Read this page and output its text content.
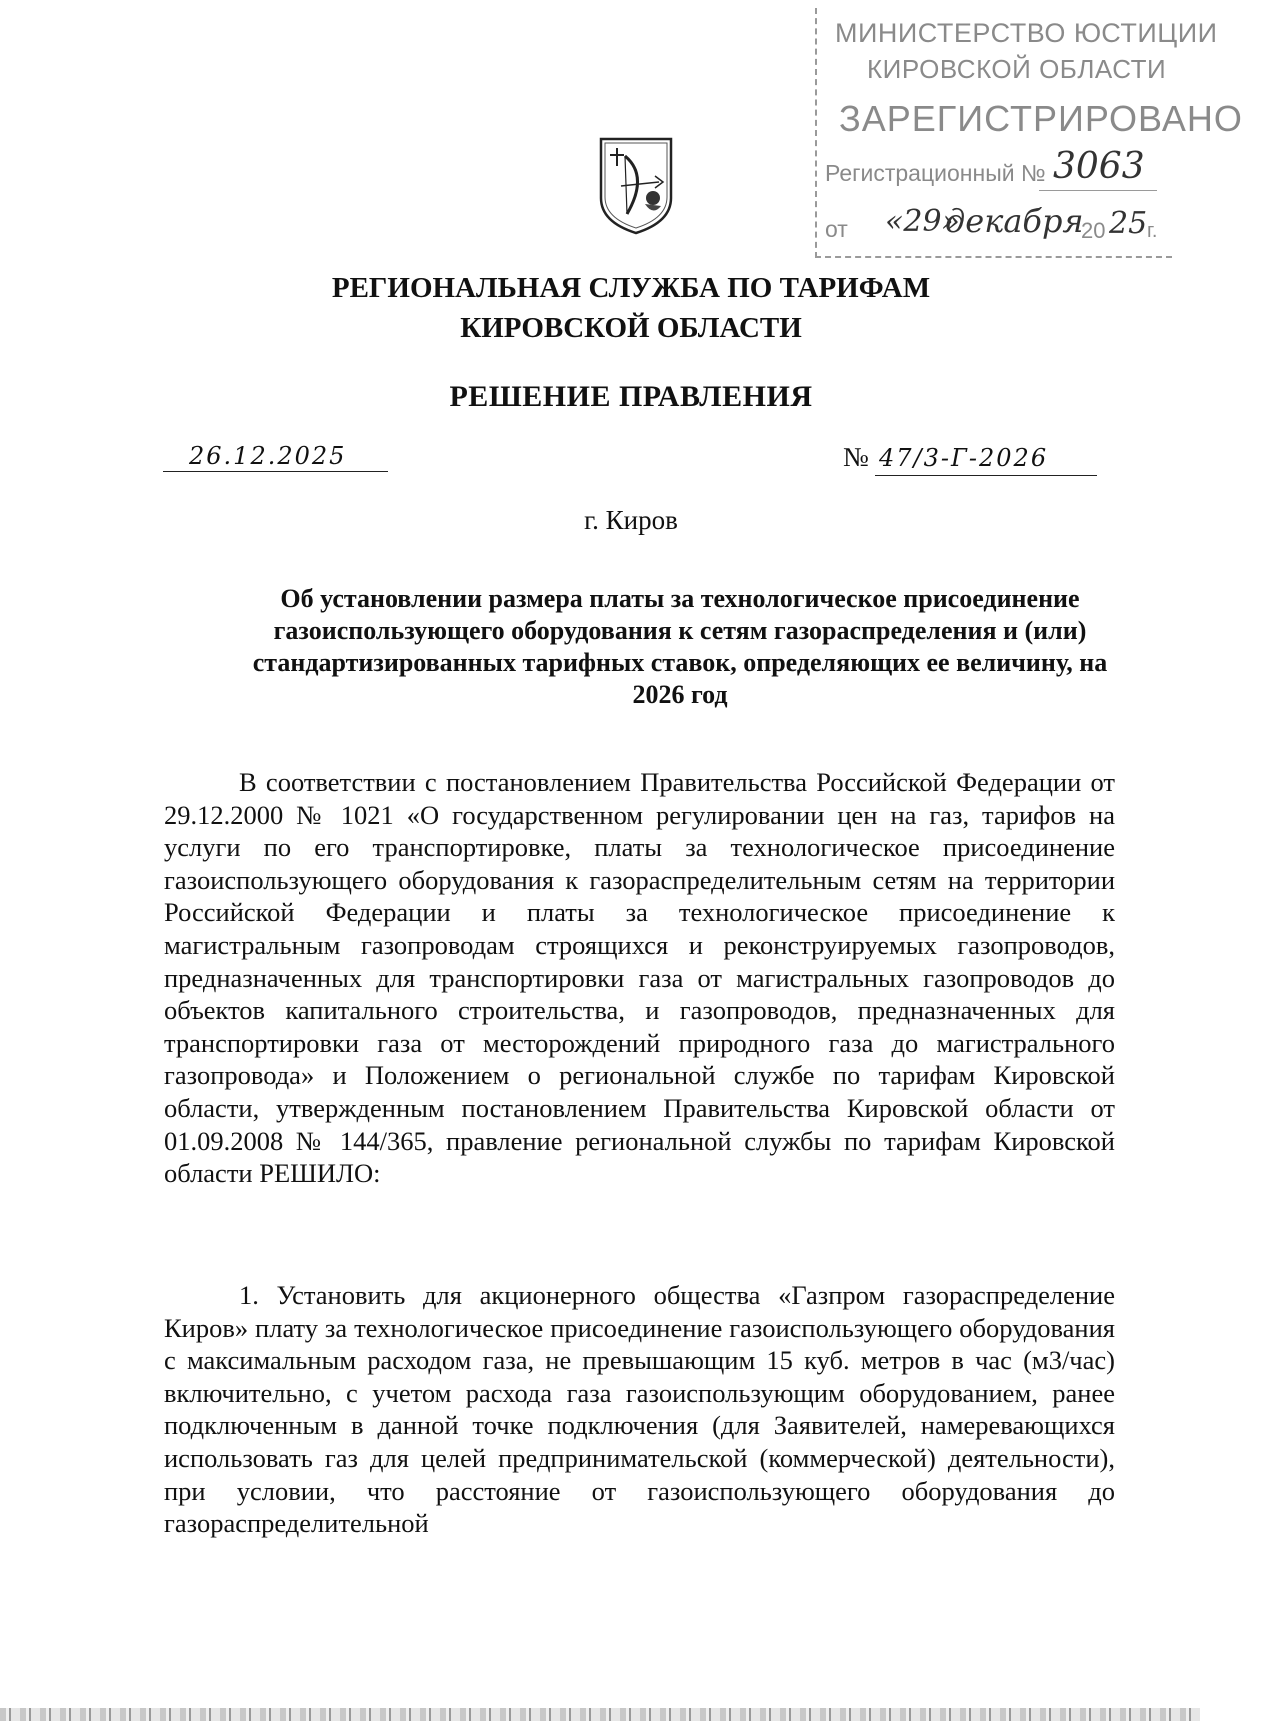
МИНИСТЕРСТВО ЮСТИЦИИ
КИРОВСКОЙ ОБЛАСТИ
ЗАРЕГИСТРИРОВАНО
Регистрационный № 3063
от «29»
декабря
20 25 г.
РЕГИОНАЛЬНАЯ СЛУЖБА ПО ТАРИФАМ
КИРОВСКОЙ ОБЛАСТИ
РЕШЕНИЕ ПРАВЛЕНИЯ
26.12.2025	№ 47/3-Г-2026
г. Киров
Об установлении размера платы за технологическое присоединение газоиспользующего оборудования к сетям газораспределения и (или) стандартизированных тарифных ставок, определяющих ее величину, на 2026 год

В соответствии с постановлением Правительства Российской Федерации от 29.12.2000 № 1021 «О государственном регулировании цен на газ, тарифов на услуги по его транспортировке, платы за технологическое присоединение газоиспользующего оборудования к газораспределительным сетям на территории Российской Федерации и платы за технологическое присоединение к магистральным газопроводам строящихся и реконструируемых газопроводов, предназначенных для транспортировки газа от магистральных газопроводов до объектов капитального строительства, и газопроводов, предназначенных для транспортировки газа от месторождений природного газа до магистрального газопровода» и Положением о региональной службе по тарифам Кировской области, утвержденным постановлением Правительства Кировской области от 01.09.2008 № 144/365, правление региональной службы по тарифам Кировской области РЕШИЛО:

1. Установить для акционерного общества «Газпром газораспределение Киров» плату за технологическое присоединение газоиспользующего оборудования с максимальным расходом газа, не превышающим 15 куб. метров в час (м3/час) включительно, с учетом расхода газа газоиспользующим оборудованием, ранее подключенным в данной точке подключения (для Заявителей, намеревающихся использовать газ для целей предпринимательской (коммерческой) деятельности), при условии, что расстояние от газоиспользующего оборудования до газораспределительной
